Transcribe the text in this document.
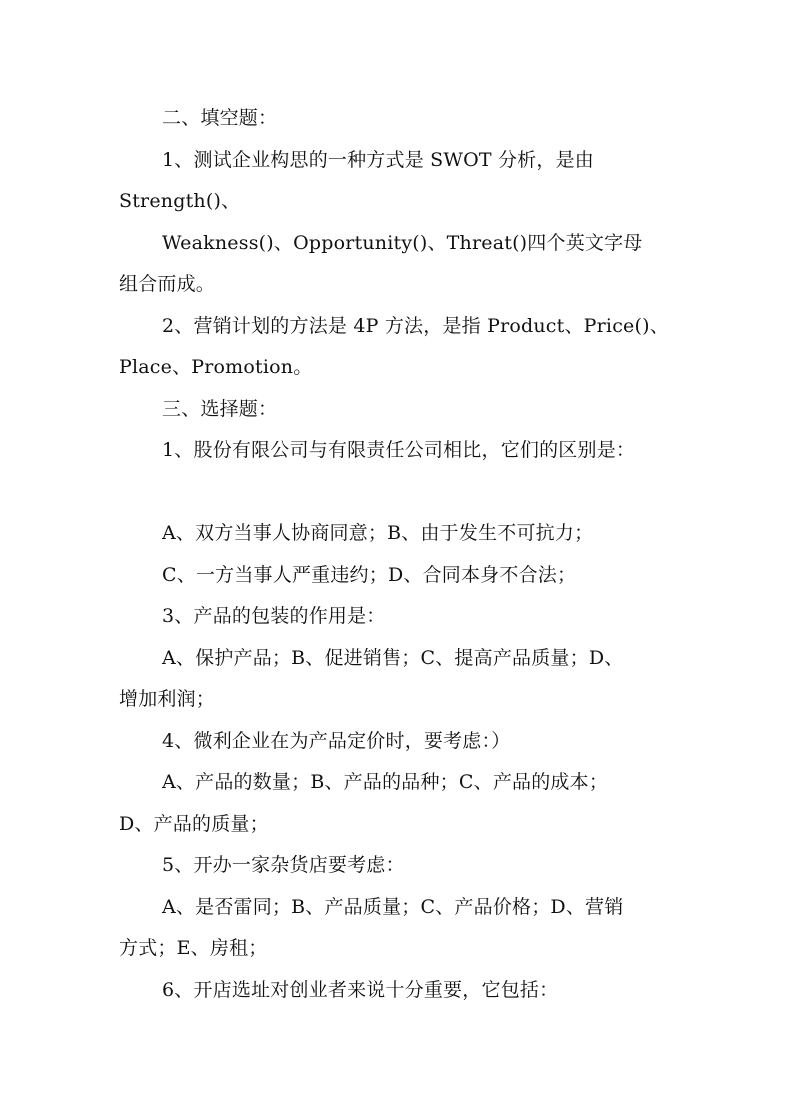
二、填空题：
1、测试企业构思的一种方式是 SWOT 分析，是由
Strength()、
Weakness()、Opportunity()、Threat()四个英文字母
组合而成。
2、营销计划的方法是 4P 方法，是指 Product、Price()、
Place、Promotion。
三、选择题：
1、股份有限公司与有限责任公司相比，它们的区别是：
A、双方当事人协商同意；B、由于发生不可抗力；
C、一方当事人严重违约；D、合同本身不合法；
3、产品的包装的作用是：
A、保护产品；B、促进销售；C、提高产品质量；D、
增加利润；
4、微利企业在为产品定价时，要考虑：）
A、产品的数量；B、产品的品种；C、产品的成本；
D、产品的质量；
5、开办一家杂货店要考虑：
A、是否雷同；B、产品质量；C、产品价格；D、营销
方式；E、房租；
6、开店选址对创业者来说十分重要，它包括：
